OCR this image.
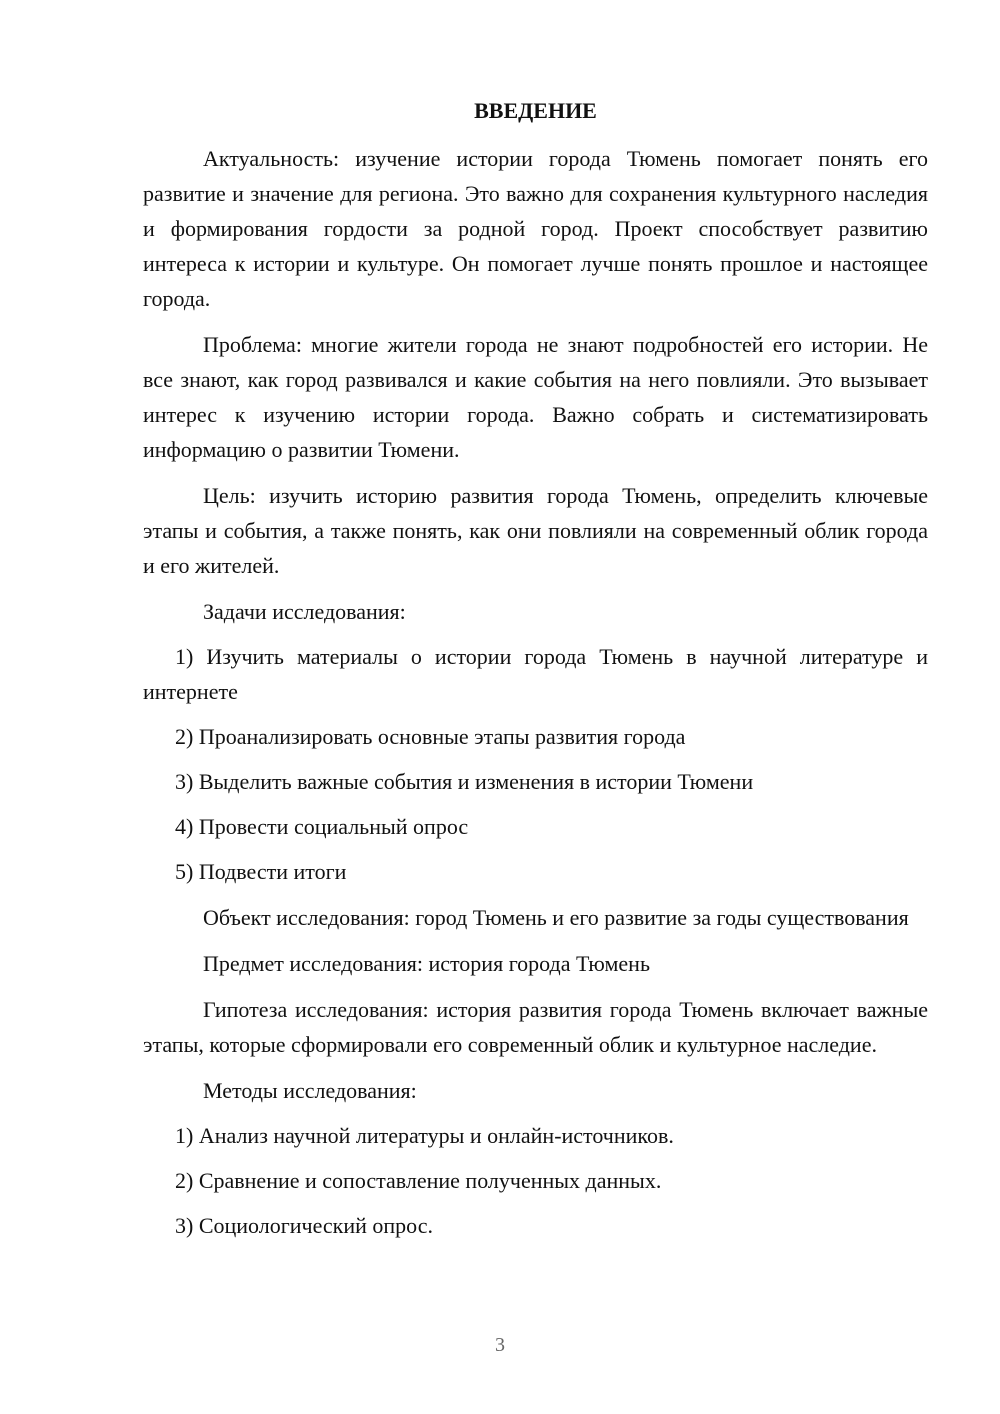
ВВЕДЕНИЕ

Актуальность: изучение истории города Тюмень помогает понять его развитие и значение для региона. Это важно для сохранения культурного наследия и формирования гордости за родной город. Проект способствует развитию интереса к истории и культуре. Он помогает лучше понять прошлое и настоящее города.

Проблема: многие жители города не знают подробностей его истории. Не все знают, как город развивался и какие события на него повлияли. Это вызывает интерес к изучению истории города. Важно собрать и систематизировать информацию о развитии Тюмени.

Цель: изучить историю развития города Тюмень, определить ключевые этапы и события, а также понять, как они повлияли на современный облик города и его жителей.

Задачи исследования:

1) Изучить материалы о истории города Тюмень в научной литературе и интернете

2) Проанализировать основные этапы развития города

3) Выделить важные события и изменения в истории Тюмени

4) Провести социальный опрос

5) Подвести итоги

Объект исследования: город Тюмень и его развитие за годы существования

Предмет исследования: история города Тюмень

Гипотеза исследования: история развития города Тюмень включает важные этапы, которые сформировали его современный облик и культурное наследие.

Методы исследования:

1) Анализ научной литературы и онлайн-источников.

2) Сравнение и сопоставление полученных данных.

3) Социологический опрос.

3
